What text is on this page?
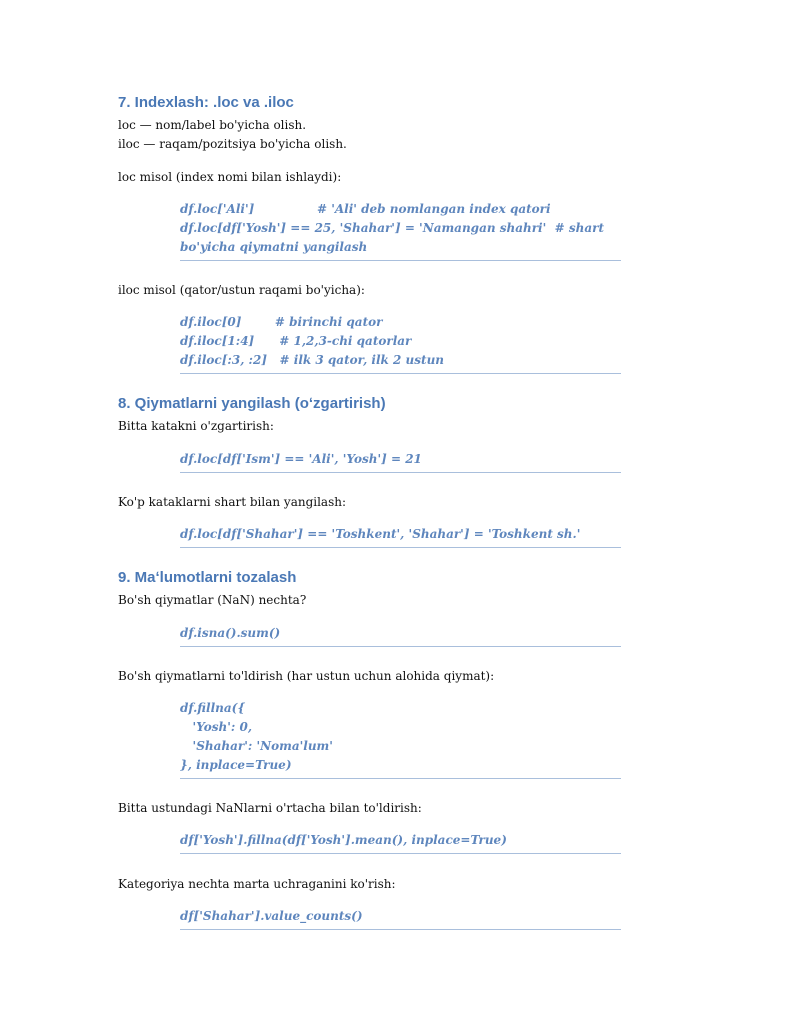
7. Indexlash: .loc va .iloc

loc — nom/label bo'yicha olish.

iloc — raqam/pozitsiya bo'yicha olish.

loc misol (index nomi bilan ishlaydi):

df.loc['Ali']               # 'Ali' deb nomlangan index qatori
df.loc[df['Yosh'] == 25, 'Shahar'] = 'Namangan shahri'  # shart
bo'yicha qiymatni yangilash

iloc misol (qator/ustun raqami bo'yicha):

df.iloc[0]        # birinchi qator
df.iloc[1:4]      # 1,2,3-chi qatorlar
df.iloc[:3, :2]   # ilk 3 qator, ilk 2 ustun
8. Qiymatlarni yangilash (oʻzgartirish)

Bitta katakni o'zgartirish:

df.loc[df['Ism'] == 'Ali', 'Yosh'] = 21

Ko'p kataklarni shart bilan yangilash:

df.loc[df['Shahar'] == 'Toshkent', 'Shahar'] = 'Toshkent sh.'
9. Maʻlumotlarni tozalash

Bo'sh qiymatlar (NaN) nechta?

df.isna().sum()

Bo'sh qiymatlarni to'ldirish (har ustun uchun alohida qiymat):

df.fillna({
'Yosh': 0,
'Shahar': 'Noma'lum'
}, inplace=True)

Bitta ustundagi NaNlarni o'rtacha bilan to'ldirish:

df['Yosh'].fillna(df['Yosh'].mean(), inplace=True)

Kategoriya nechta marta uchraganini ko'rish:

df['Shahar'].value_counts()
